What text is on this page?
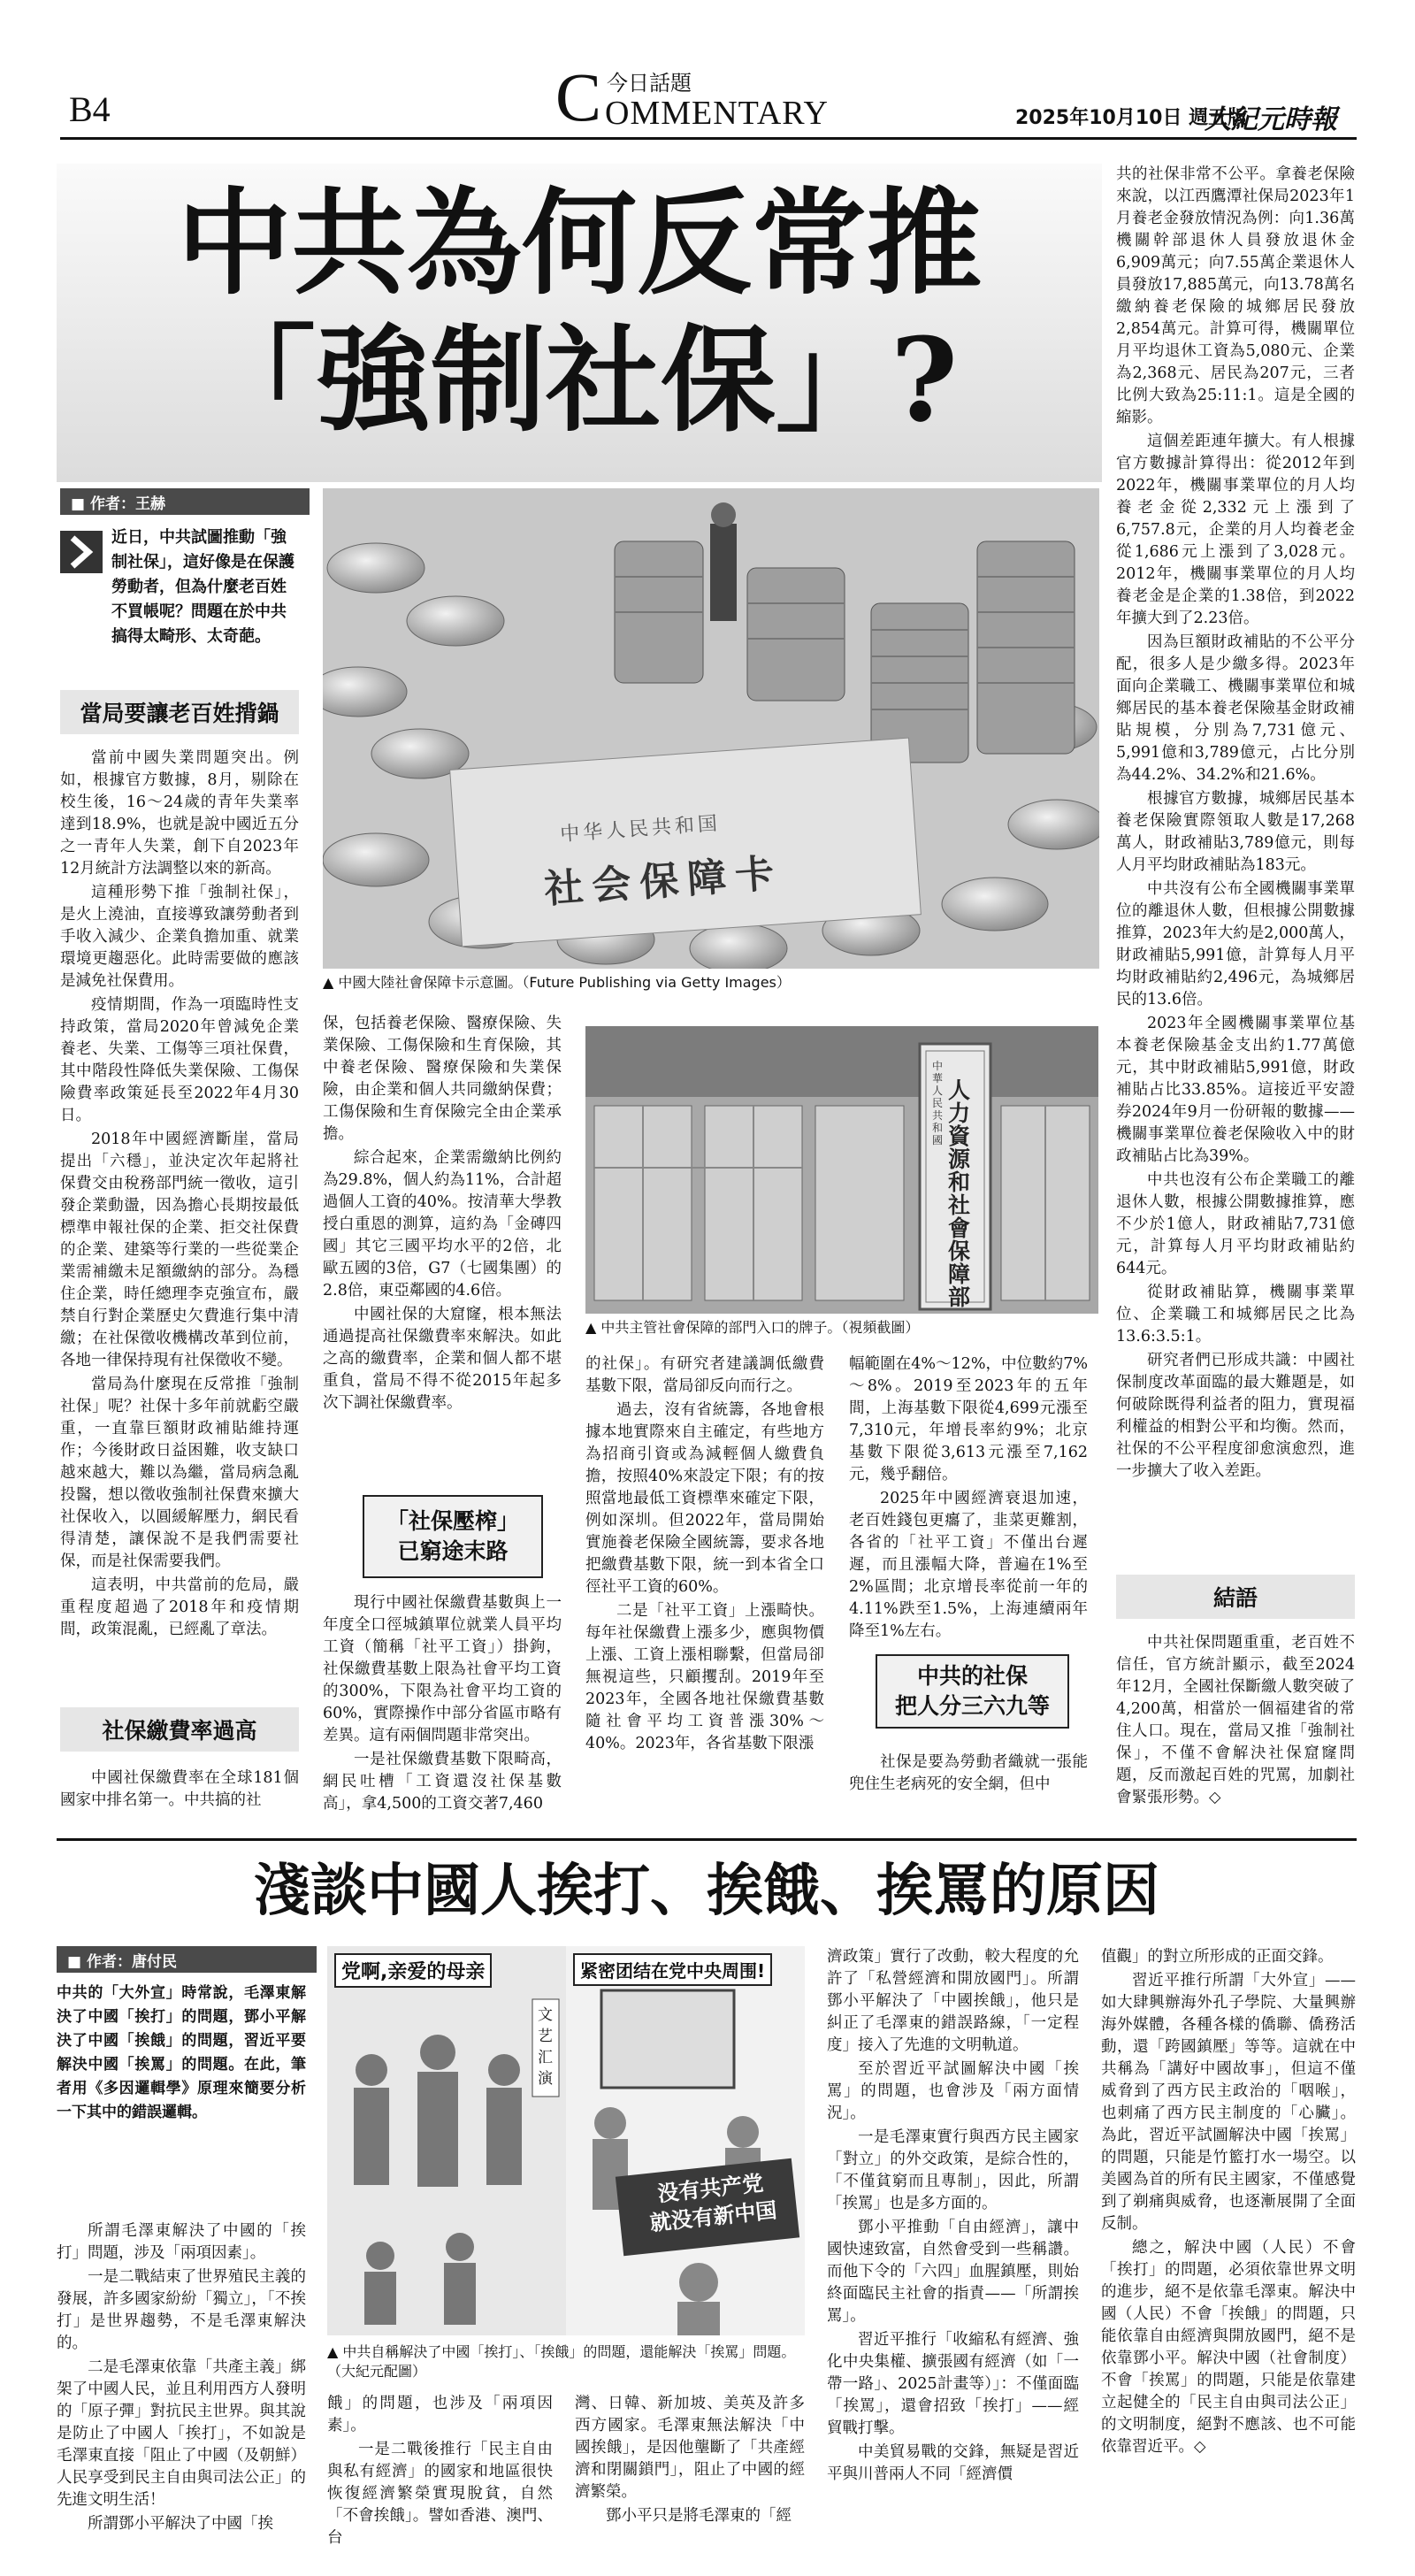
B4	C 今日話題
OMMENTARY	2025年10月10日 週五版
大紀元時報
中共為何反常推
「強制社保」?
■ 作者：王赫
近日，中共試圖推動「強制社保」，這好像是在保護勞動者，但為什麼老百姓不買帳呢？問題在於中共搞得太畸形、太奇葩。
當局要讓老百姓揹鍋

當前中國失業問題突出。例如，根據官方數據，8月，剔除在校生後，16～24歲的青年失業率達到18.9%，也就是說中國近五分之一青年人失業，創下自2023年12月統計方法調整以來的新高。

這種形勢下推「強制社保」，是火上澆油，直接導致讓勞動者到手收入減少、企業負擔加重、就業環境更趨惡化。此時需要做的應該是減免社保費用。

疫情期間，作為一項臨時性支持政策，當局2020年曾減免企業養老、失業、工傷等三項社保費，其中階段性降低失業保險、工傷保險費率政策延長至2022年4月30日。

2018年中國經濟斷崖，當局提出「六穩」，並決定次年起將社保費交由稅務部門統一徵收，這引發企業動盪，因為擔心長期按最低標準申報社保的企業、拒交社保費的企業、建築等行業的一些從業企業需補繳未足額繳納的部分。為穩住企業，時任總理李克強宣布，嚴禁自行對企業歷史欠費進行集中清繳；在社保徵收機構改革到位前，各地一律保持現有社保徵收不變。

當局為什麼現在反常推「強制社保」呢？社保十多年前就虧空嚴重，一直靠巨額財政補貼維持運作；今後財政日益困難，收支缺口越來越大，難以為繼，當局病急亂投醫，想以徵收強制社保費來擴大社保收入，以圓緩解壓力，網民看得清楚，讓保說不是我們需要社保，而是社保需要我們。

這表明，中共當前的危局，嚴重程度超過了2018年和疫情期間，政策混亂，已經亂了章法。

社保繳費率過高

中國社保繳費率在全球181個國家中排名第一。中共搞的社

中华人民共和国
社会保障卡
▲ 中國大陸社會保障卡示意圖。（Future Publishing via Getty Images）

保，包括養老保險、醫療保險、失業保險、工傷保險和生育保險，其中養老保險、醫療保險和失業保險，由企業和個人共同繳納保費；工傷保險和生育保險完全由企業承擔。

綜合起來，企業需繳納比例約為29.8%，個人約為11%，合計超過個人工資的40%。按清華大學教授白重恩的測算，這約為「金磚四國」其它三國平均水平的2倍，北歐五國的3倍，G7（七國集團）的2.8倍，東亞鄰國的4.6倍。

中國社保的大窟窿，根本無法通過提高社保繳費率來解決。如此之高的繳費率，企業和個人都不堪重負，當局不得不從2015年起多次下調社保繳費率。

「社保壓榨」已窮途末路

現行中國社保繳費基數與上一年度全口徑城鎮單位就業人員平均工資（簡稱「社平工資」）掛鉤，社保繳費基數上限為社會平均工資的300%，下限為社會平均工資的60%，實際操作中部分省區市略有差異。這有兩個問題非常突出。

一是社保繳費基數下限畸高，網民吐槽「工資還沒社保基數高」，拿4,500的工資交著7,460

中華人民共和國
人力資源和社會保障部
▲ 中共主管社會保障的部門入口的牌子。（視頻截圖）

的社保」。有研究者建議調低繳費基數下限，當局卻反向而行之。

過去，沒有省統籌，各地會根據本地實際來自主確定，有些地方為招商引資或為減輕個人繳費負擔，按照40%來設定下限；有的按照當地最低工資標準來確定下限，例如深圳。但2022年，當局開始實施養老保險全國統籌，要求各地把繳費基數下限，統一到本省全口徑社平工資的60%。

二是「社平工資」上漲畸快。每年社保繳費上漲多少，應與物價上漲、工資上漲相聯繫，但當局卻無視這些，只顧攫刮。2019年至2023年，全國各地社保繳費基數隨社會平均工資普漲30%～40%。2023年，各省基數下限漲

幅範圍在4%～12%，中位數約7%～8%。2019至2023年的五年間，上海基數下限從4,699元漲至7,310元，年增長率約9%；北京基數下限從3,613元漲至7,162元，幾乎翻倍。

2025年中國經濟衰退加速，老百姓錢包更癟了，韭菜更難割，各省的「社平工資」不僅出台遲遲，而且漲幅大降，普遍在1%至2%區間；北京增長率從前一年的4.11%跌至1.5%，上海連續兩年降至1%左右。

中共的社保
把人分三六九等

社保是要為勞動者織就一張能兜住生老病死的安全網，但中

共的社保非常不公平。拿養老保險來說，以江西鷹潭社保局2023年1月養老金發放情況為例：向1.36萬機關幹部退休人員發放退休金6,909萬元；向7.55萬企業退休人員發放17,885萬元，向13.78萬名繳納養老保險的城鄉居民發放2,854萬元。計算可得，機關單位月平均退休工資為5,080元、企業為2,368元、居民為207元，三者比例大致為25:11:1。這是全國的縮影。

這個差距連年擴大。有人根據官方數據計算得出：從2012年到2022年，機關事業單位的月人均養老金從2,332元上漲到了6,757.8元，企業的月人均養老金從1,686元上漲到了3,028元。2012年，機關事業單位的月人均養老金是企業的1.38倍，到2022年擴大到了2.23倍。

因為巨額財政補貼的不公平分配，很多人是少繳多得。2023年面向企業職工、機關事業單位和城鄉居民的基本養老保險基金財政補貼規模，分別為7,731億元、5,991億和3,789億元，占比分別為44.2%、34.2%和21.6%。

根據官方數據，城鄉居民基本養老保險實際領取人數是17,268萬人，財政補貼3,789億元，則每人月平均財政補貼為183元。

中共沒有公布全國機關事業單位的離退休人數，但根據公開數據推算，2023年大約是2,000萬人，財政補貼5,991億，計算每人月平均財政補貼約2,496元，為城鄉居民的13.6倍。

2023年全國機關事業單位基本養老保險基金支出約1.77萬億元，其中財政補貼5,991億，財政補貼占比33.85%。這接近平安證券2024年9月一份研報的數據——機關事業單位養老保險收入中的財政補貼占比為39%。

中共也沒有公布企業職工的離退休人數，根據公開數據推算，應不少於1億人，財政補貼7,731億元，計算每人月平均財政補貼約644元。

從財政補貼算，機關事業單位、企業職工和城鄉居民之比為13.6:3.5:1。

研究者們已形成共識：中國社保制度改革面臨的最大難題是，如何破除既得利益者的阻力，實現福利權益的相對公平和均衡。然而，社保的不公平程度卻愈演愈烈，進一步擴大了收入差距。

結語

中共社保問題重重，老百姓不信任，官方統計顯示，截至2024年12月，全國社保斷繳人數突破了4,200萬，相當於一個福建省的常住人口。現在，當局又推「強制社保」，不僅不會解決社保窟窿問題，反而激起百姓的咒罵，加劇社會緊張形勢。◇

淺談中國人挨打、挨餓、挨罵的原因
■ 作者：唐付民
中共的「大外宣」時常說，毛澤東解決了中國「挨打」的問題，鄧小平解決了中國「挨餓」的問題，習近平要解決中國「挨罵」的問題。在此，筆者用《多因邏輯學》原理來簡要分析一下其中的錯誤邏輯。

所謂毛澤東解決了中國的「挨打」問題，涉及「兩項因素」。

一是二戰結束了世界殖民主義的發展，許多國家紛紛「獨立」，「不挨打」是世界趨勢，不是毛澤東解決的。

二是毛澤東依靠「共產主義」綁架了中國人民，並且利用西方人發明的「原子彈」對抗民主世界。與其說是防止了中國人「挨打」，不如說是毛澤東直接「阻止了中國（及朝鮮）人民享受到民主自由與司法公正」的先進文明生活！

所謂鄧小平解決了中國「挨

党啊,亲爱的母亲	紧密团结在党中央周围!
文艺汇演
没有共产党
就没有新中国
▲ 中共自稱解決了中國「挨打」、「挨餓」的問題，還能解決「挨罵」問題。（大紀元配圖）

餓」的問題，也涉及「兩項因素」。

一是二戰後推行「民主自由與私有經濟」的國家和地區很快恢復經濟繁榮實現脫貧，自然「不會挨餓」。譬如香港、澳門、台

灣、日韓、新加坡、美英及許多西方國家。毛澤東無法解決「中國挨餓」，是因他壟斷了「共產經濟和閉關鎖門」，阻止了中國的經濟繁榮。

鄧小平只是將毛澤東的「經

濟政策」實行了改動，較大程度的允許了「私營經濟和開放國門」。所謂鄧小平解決了「中國挨餓」，他只是糾正了毛澤東的錯誤路線，「一定程度」接入了先進的文明軌道。

至於習近平試圖解決中國「挨罵」的問題，也會涉及「兩方面情況」。

一是毛澤東實行與西方民主國家「對立」的外交政策，是綜合性的，「不僅貧窮而且專制」，因此，所謂「挨罵」也是多方面的。

鄧小平推動「自由經濟」，讓中國快速致富，自然會受到一些稱讚。而他下令的「六四」血腥鎮壓，則始終面臨民主社會的指責——「所謂挨罵」。

習近平推行「收縮私有經濟、強化中央集權、擴張國有經濟（如「一帶一路」、2025計畫等）」：不僅面臨「挨罵」，還會招致「挨打」——經貿戰打擊。

中美貿易戰的交鋒，無疑是習近平與川普兩人不同「經濟價

值觀」的對立所形成的正面交鋒。

習近平推行所謂「大外宣」——如大肆興辦海外孔子學院、大量興辦海外媒體，各種各樣的僑聯、僑務活動，還「跨國鎮壓」等等。這就在中共稱為「講好中國故事」，但這不僅威脅到了西方民主政治的「咽喉」，也刺痛了西方民主制度的「心臟」。為此，習近平試圖解決中國「挨罵」的問題，只能是竹籃打水一場空。以美國為首的所有民主國家，不僅感覺到了剃痛與威脅，也逐漸展開了全面反制。

總之，解決中國（人民）不會「挨打」的問題，必須依靠世界文明的進步，絕不是依靠毛澤東。解決中國（人民）不會「挨餓」的問題，只能依靠自由經濟與開放國門，絕不是依靠鄧小平。解決中國（社會制度）不會「挨罵」的問題，只能是依靠建立起健全的「民主自由與司法公正」的文明制度，絕對不應該、也不可能依靠習近平。◇
